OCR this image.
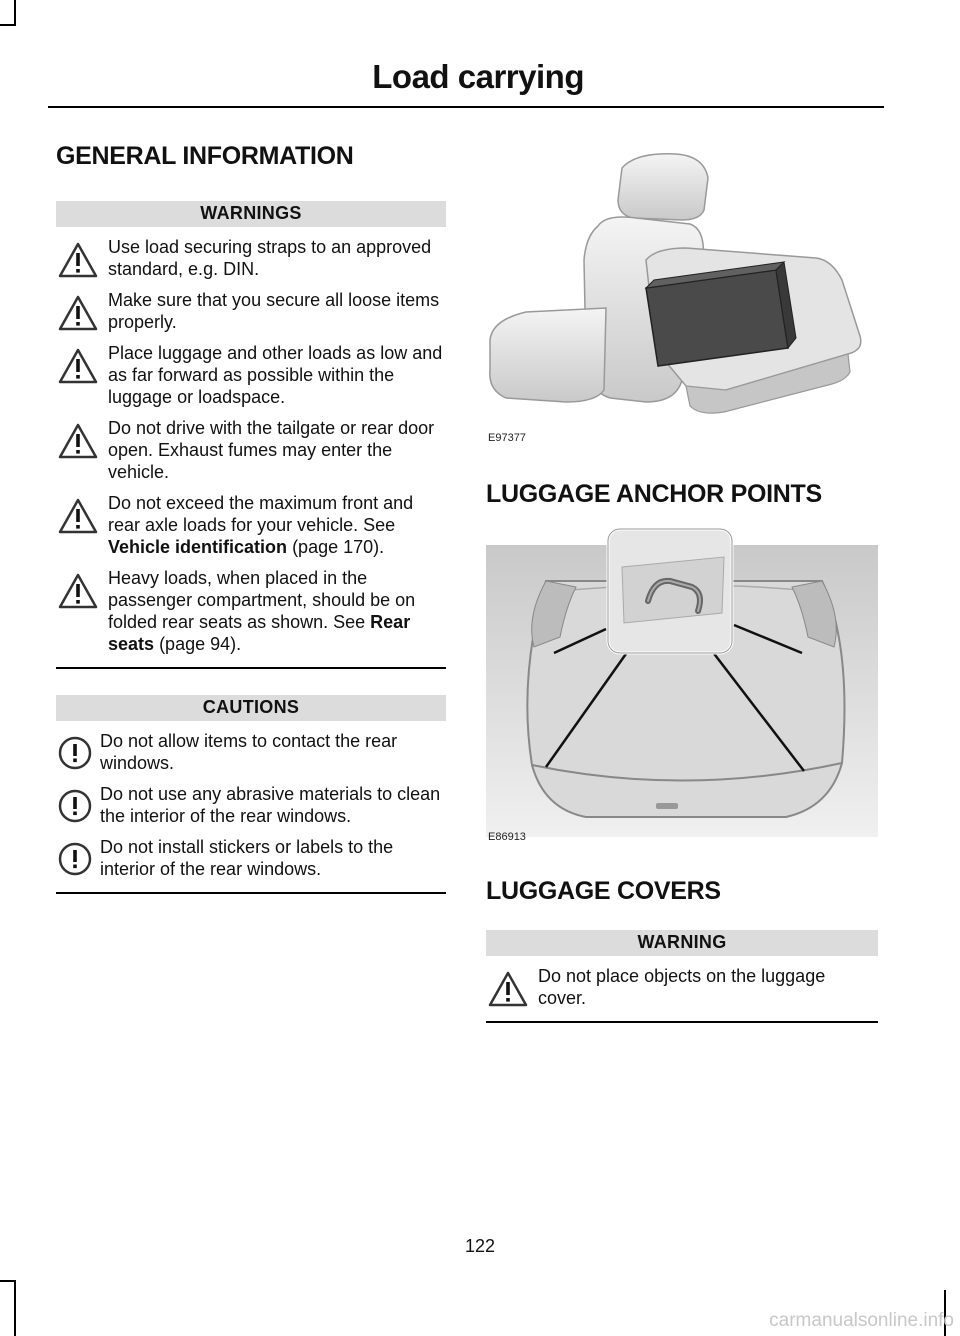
Load carrying
GENERAL INFORMATION
WARNINGS
Use load securing straps to an approved standard, e.g. DIN.
Make sure that you secure all loose items properly.
Place luggage and other loads as low and as far forward as possible within the luggage or loadspace.
Do not drive with the tailgate or rear door open. Exhaust fumes may enter the vehicle.
Do not exceed the maximum front and rear axle loads for your vehicle. See Vehicle identification (page 170).
Heavy loads, when placed in the passenger compartment, should be on folded rear seats as shown. See Rear seats (page 94).
CAUTIONS
Do not allow items to contact the rear windows.
Do not use any abrasive materials to clean the interior of the rear windows.
Do not install stickers or labels to the interior of the rear windows.
E97377
LUGGAGE ANCHOR POINTS
E86913
LUGGAGE COVERS
WARNING
Do not place objects on the luggage cover.
122
carmanualsonline.info
